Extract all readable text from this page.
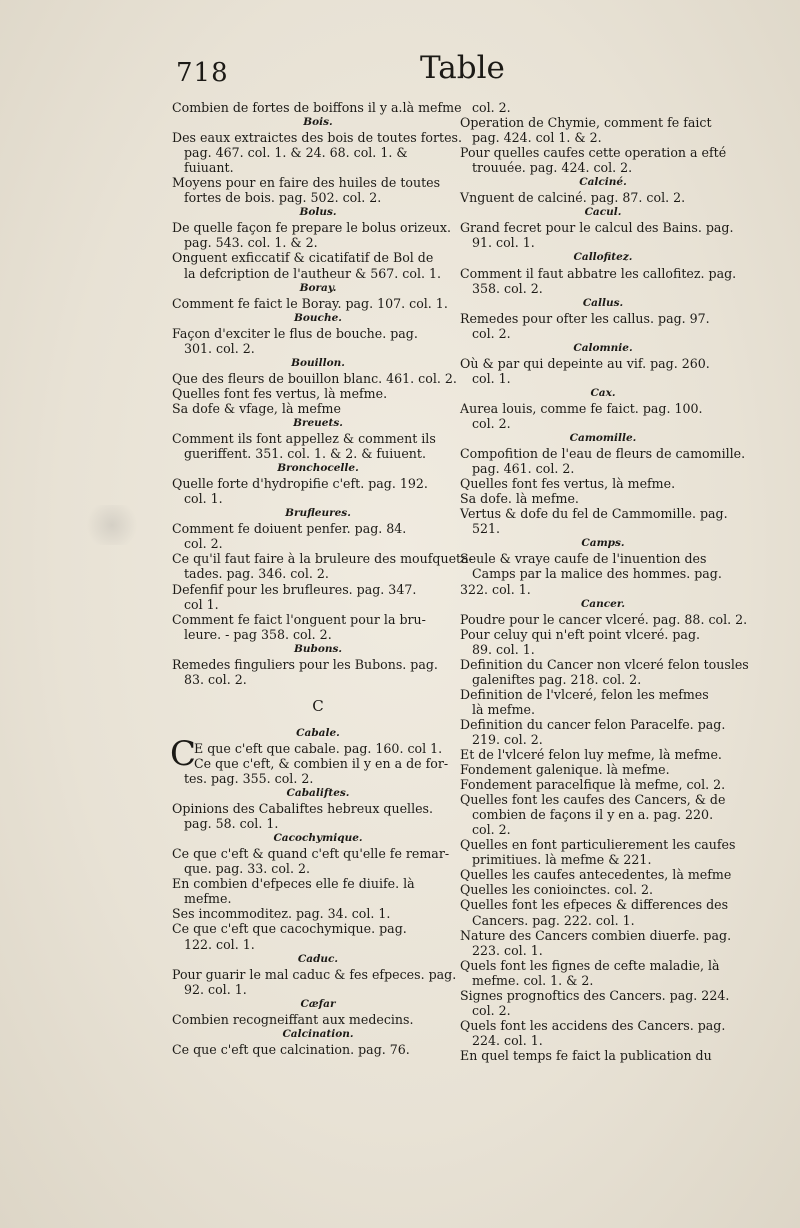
718	Table
Combien de fortes de boiffons il y a.là mefme
Bois.
Des eaux extraictes des bois de toutes fortes.
pag. 467. col. 1. & 24. 68. col. 1. &
fuiuant.
Moyens pour en faire des huiles de toutes
fortes de bois. pag. 502. col. 2.
Bolus.
De quelle façon fe prepare le bolus orizeux.
pag. 543. col. 1. & 2.
Onguent exficcatif & cicatifatif de Bol de
la defcription de l'autheur & 567. col. 1.
Boray.
Comment fe faict le Boray. pag. 107. col. 1.
Bouche.
Façon d'exciter le flus de bouche. pag.
301. col. 2.
Bouillon.
Que des fleurs de bouillon blanc. 461. col. 2.
Quelles font fes vertus, là mefme.
Sa dofe & vfage, là mefme
Breuets.
Comment ils font appellez & comment ils
gueriffent. 351. col. 1. & 2. & fuiuent.
Bronchocelle.
Quelle forte d'hydropifie c'eft. pag. 192.
col. 1.
Brufleures.
Comment fe doiuent penfer. pag. 84.
col. 2.
Ce qu'il faut faire à la bruleure des moufqueta-
tades. pag. 346. col. 2.
Defenfif pour les brufleures. pag. 347.
col 1.
Comment fe faict l'onguent pour la bru-
leure. - pag 358. col. 2.
Bubons.
Remedes finguliers pour les Bubons. pag.
83. col. 2.
C
Cabale.
C
E que c'eft que cabale. pag. 160. col 1.
Ce que c'eft, & combien il y en a de for-
tes. pag. 355. col. 2.
Cabaliftes.
Opinions des Cabaliftes hebreux quelles.
pag. 58. col. 1.
Cacochymique.
Ce que c'eft & quand c'eft qu'elle fe remar-
que. pag. 33. col. 2.
En combien d'efpeces elle fe diuife. là
mefme.
Ses incommoditez. pag. 34. col. 1.
Ce que c'eft que cacochymique. pag.
122. col. 1.
Caduc.
Pour guarir le mal caduc & fes efpeces. pag.
92. col. 1.
Cæfar
Combien recogneiffant aux medecins.
Calcination.
Ce que c'eft que calcination. pag. 76.
col. 2.
Operation de Chymie, comment fe faict
pag. 424. col 1. & 2.
Pour quelles caufes cette operation a efté
trouuée. pag. 424. col. 2.
Calciné.
Vnguent de calciné. pag. 87. col. 2.
Cacul.
Grand fecret pour le calcul des Bains. pag.
91. col. 1.
Callofitez.
Comment il faut abbatre les callofitez. pag.
358. col. 2.
Callus.
Remedes pour ofter les callus. pag. 97.
col. 2.
Calomnie.
Où & par qui depeinte au vif. pag. 260.
col. 1.
Cax.
Aurea louis, comme fe faict. pag. 100.
col. 2.
Camomille.
Compofition de l'eau de fleurs de camomille.
pag. 461. col. 2.
Quelles font fes vertus, là mefme.
Sa dofe. là mefme.
Vertus & dofe du fel de Cammomille. pag.
521.
Camps.
Seule & vraye caufe de l'inuention des
Camps par la malice des hommes. pag.
322. col. 1.
Cancer.
Poudre pour le cancer vlceré. pag. 88. col. 2.
Pour celuy qui n'eft point vlceré. pag.
89. col. 1.
Definition du Cancer non vlceré felon tousles
galeniftes pag. 218. col. 2.
Definition de l'vlceré, felon les mefmes
là mefme.
Definition du cancer felon Paracelfe. pag.
219. col. 2.
Et de l'vlceré felon luy mefme, là mefme.
Fondement galenique. là mefme.
Fondement paracelfique là mefme, col. 2.
Quelles font les caufes des Cancers, & de
combien de façons il y en a. pag. 220.
col. 2.
Quelles en font particulierement les caufes
primitiues. là mefme & 221.
Quelles les caufes antecedentes, là mefme
Quelles les conioinctes. col. 2.
Quelles font les efpeces & differences des
Cancers. pag. 222. col. 1.
Nature des Cancers combien diuerfe. pag.
223. col. 1.
Quels font les fignes de cefte maladie, là
mefme. col. 1. & 2.
Signes prognoftics des Cancers. pag. 224.
col. 2.
Quels font les accidens des Cancers. pag.
224. col. 1.
En quel temps fe faict la publication du
